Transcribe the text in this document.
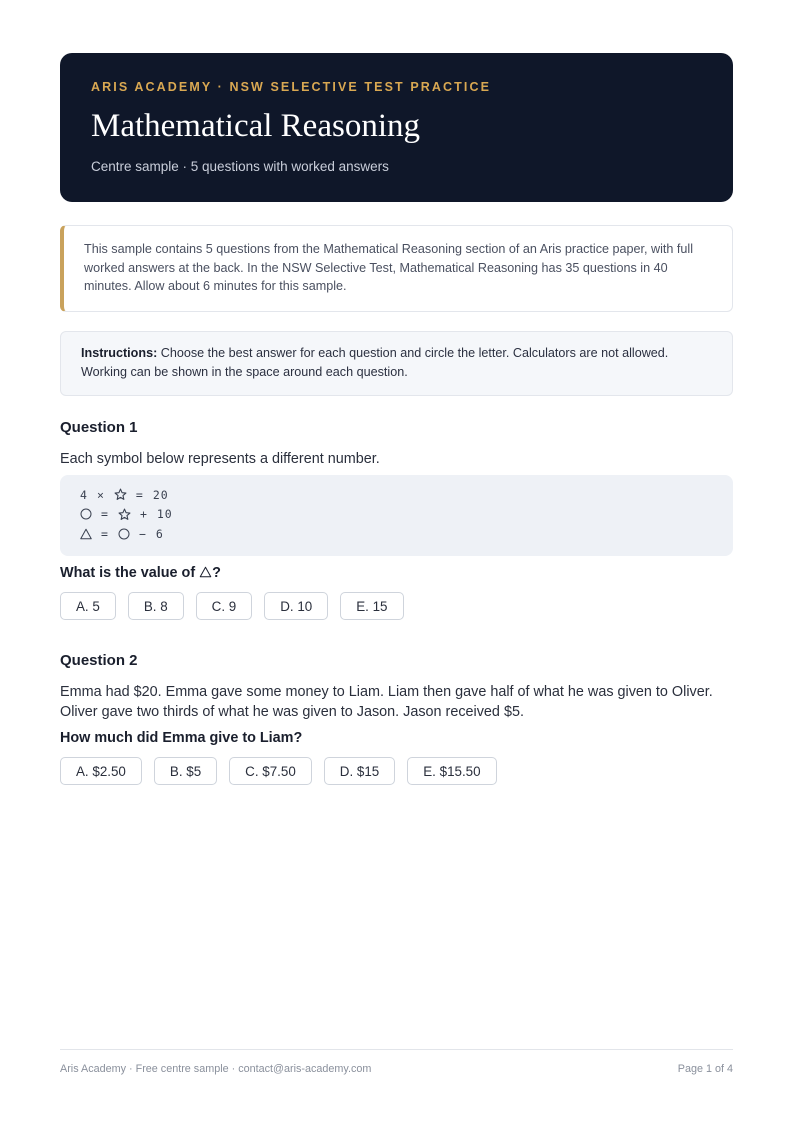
ARIS ACADEMY · NSW SELECTIVE TEST PRACTICE
Mathematical Reasoning
Centre sample · 5 questions with worked answers
This sample contains 5 questions from the Mathematical Reasoning section of an Aris practice paper, with full worked answers at the back. In the NSW Selective Test, Mathematical Reasoning has 35 questions in 40 minutes. Allow about 6 minutes for this sample.
Instructions: Choose the best answer for each question and circle the letter. Calculators are not allowed. Working can be shown in the space around each question.
Question 1
Each symbol below represents a different number.
4 ×	= 20
=	+ 10
=	− 6
What is the value of ?
A. 5	B. 8	C. 9	D. 10	E. 15
Question 2
Emma had $20. Emma gave some money to Liam. Liam then gave half of what he was given to Oliver. Oliver gave two thirds of what he was given to Jason. Jason received $5.
How much did Emma give to Liam?
A. $2.50	B. $5	C. $7.50	D. $15	E. $15.50
Aris Academy · Free centre sample · contact@aris-academy.com	Page 1 of 4
